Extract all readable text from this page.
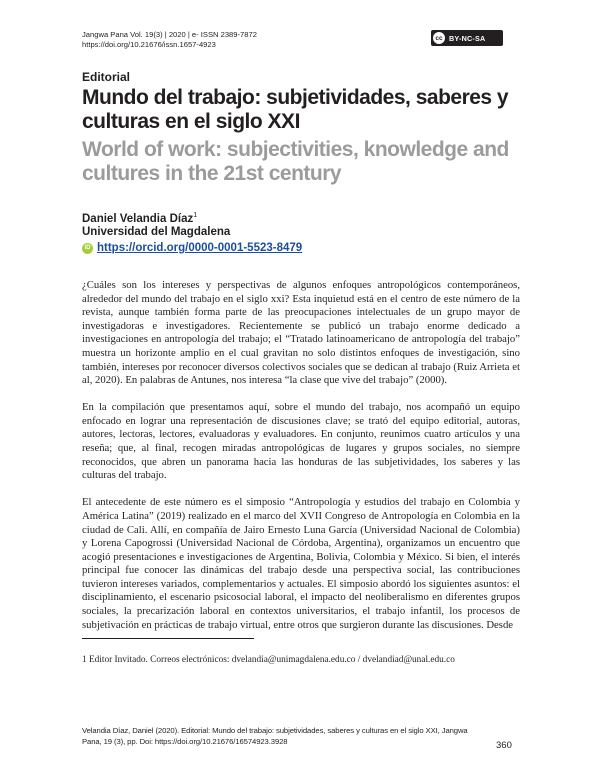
Jangwa Pana Vol. 19(3) | 2020 | e- ISSN 2389-7872
https://doi.org/10.21676/issn.1657-4923
cc BY-NC-SA
Editorial
Mundo del trabajo: subjetividades, saberes y culturas en el siglo XXI
World of work: subjectivities, knowledge and cultures in the 21st century
Daniel Velandia Díaz$^1$
Universidad del Magdalena
iD https://orcid.org/0000-0001-5523-8479

¿Cuáles son los intereses y perspectivas de algunos enfoques antropológicos contemporáneos, alrededor del mundo del trabajo en el siglo xxi? Esta inquietud está en el centro de este número de la revista, aunque también forma parte de las preocupaciones intelectuales de un grupo mayor de investigadoras e investigadores. Recientemente se publicó un trabajo enorme dedicado a investigaciones en antropología del trabajo; el “Tratado latinoamericano de antropología del trabajo” muestra un horizonte amplio en el cual gravitan no solo distintos enfoques de investigación, sino también, intereses por reconocer diversos colectivos sociales que se dedican al trabajo (Ruiz Arrieta et al, 2020). En palabras de Antunes, nos interesa “la clase que vive del trabajo” (2000).

En la compilación que presentamos aquí, sobre el mundo del trabajo, nos acompañó un equipo enfocado en lograr una representación de discusiones clave; se trató del equipo editorial, autoras, autores, lectoras, lectores, evaluadoras y evaluadores. En conjunto, reunimos cuatro artículos y una reseña; que, al final, recogen miradas antropológicas de lugares y grupos sociales, no siempre reconocidos, que abren un panorama hacia las honduras de las subjetividades, los saberes y las culturas del trabajo.

El antecedente de este número es el simposio “Antropología y estudios del trabajo en Colombia y América Latina” (2019) realizado en el marco del XVII Congreso de Antropología en Colombia en la ciudad de Cali. Allí, en compañía de Jairo Ernesto Luna García (Universidad Nacional de Colombia) y Lorena Capogrossi (Universidad Nacional de Córdoba, Argentina), organizamos un encuentro que acogió presentaciones e investigaciones de Argentina, Bolivia, Colombia y México. Si bien, el interés principal fue conocer las dinámicas del trabajo desde una perspectiva social, las contribuciones tuvieron intereses variados, complementarios y actuales. El simposio abordó los siguientes asuntos: el disciplinamiento, el escenario psicosocial laboral, el impacto del neoliberalismo en diferentes grupos sociales, la precarización laboral en contextos universitarios, el trabajo infantil, los procesos de subjetivación en prácticas de trabajo virtual, entre otros que surgieron durante las discusiones. Desde

1 Editor Invitado. Correos electrónicos: dvelandia@unimagdalena.edu.co / dvelandiad@unal.edu.co
Velandia Díaz, Daniel (2020). Editorial: Mundo del trabajo: subjetividades, saberes y culturas en el siglo XXI, Jangwa
Pana, 19 (3), pp. Doi: https://doi.org/10.21676/16574923.3928	360
